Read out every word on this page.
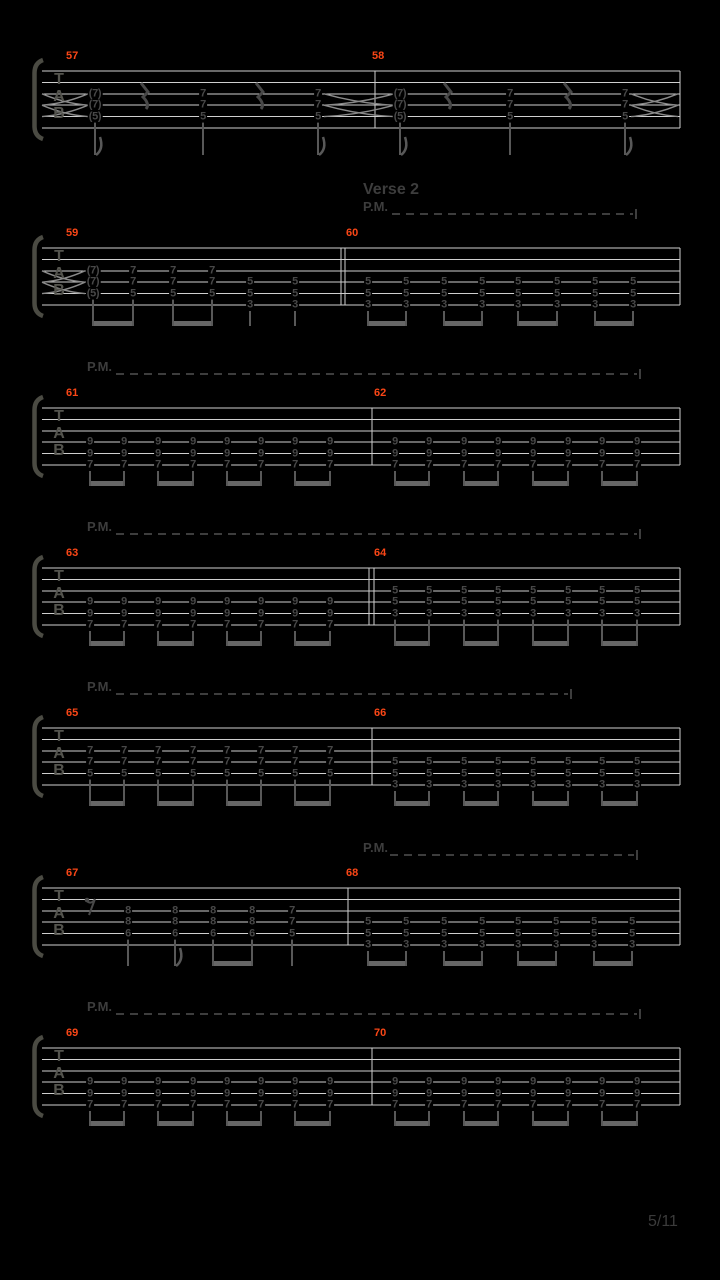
T
A
B
57	58
(7)
(7)
(5)
7
7
5
7
7
5
(7)
(7)
(5)
7
7
5
7
7
5
T
A
B
59	60
(7)
(7)
(5)
7
7
5
7
7
5
7
7
5
5
5
3
5
5
3
5
5
3
5
5
3
5
5
3
5
5
3
5
5
3
5
5
3
5
5
3
5
5
3
Verse 2
P.M.
T
A
B
61	62
9
9
7
9
9
7
9
9
7
9
9
7
9
9
7
9
9
7
9
9
7
9
9
7
9
9
7
9
9
7
9
9
7
9
9
7
9
9
7
9
9
7
9
9
7
9
9
7
P.M.
T
A
B
63	64
9
9
7
9
9
7
9
9
7
9
9
7
9
9
7
9
9
7
9
9
7
9
9
7
5
5
3
5
5
3
5
5
3
5
5
3
5
5
3
5
5
3
5
5
3
5
5
3
P.M.
T
A
B
65	66
7
7
5
7
7
5
7
7
5
7
7
5
7
7
5
7
7
5
7
7
5
7
7
5
5
5
3
5
5
3
5
5
3
5
5
3
5
5
3
5
5
3
5
5
3
5
5
3
P.M.
T
A
B
67	68
8
8
6
8
8
6
8
8
6
8
8
6
7
7
5
5
5
3
5
5
3
5
5
3
5
5
3
5
5
3
5
5
3
5
5
3
5
5
3
P.M.
T
A
B
69	70
9
9
7
9
9
7
9
9
7
9
9
7
9
9
7
9
9
7
9
9
7
9
9
7
9
9
7
9
9
7
9
9
7
9
9
7
9
9
7
9
9
7
9
9
7
9
9
7
P.M.
5/11
